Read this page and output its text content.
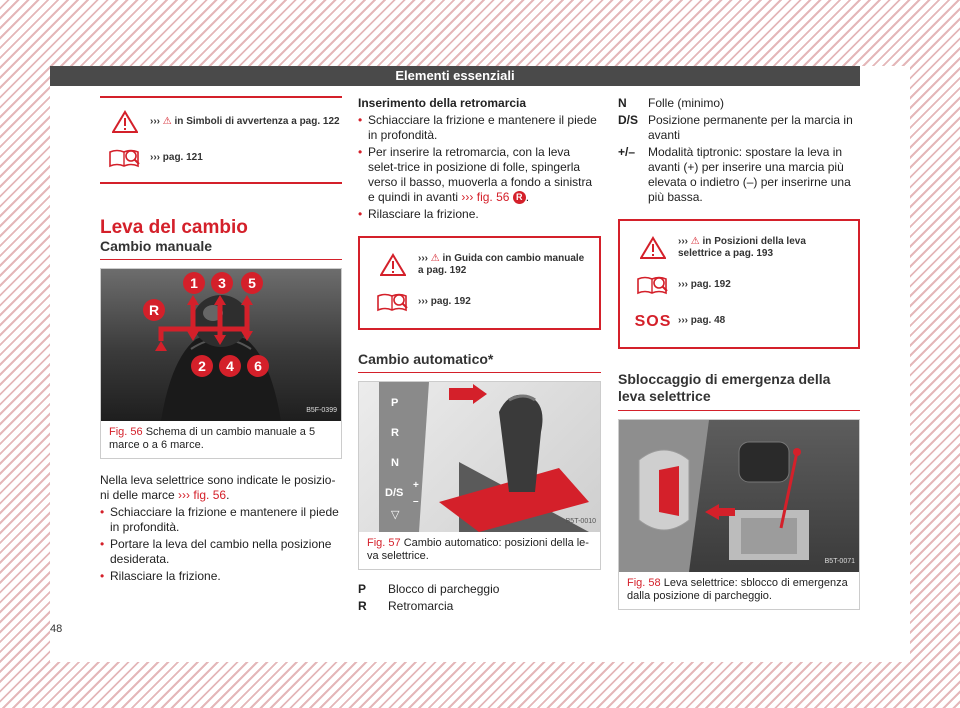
Elementi essenziali
››› ⚠ in Simboli di avvertenza a pag. 122
››› pag. 121
Leva del cambio
Cambio manuale
1	3	5
R
2	4	6
B5F-0399
Fig. 56 Schema di un cambio manuale a 5 marce o a 6 marce.

Nella leva selettrice sono indicate le posizio-ni delle marce ››› fig. 56.

• Schiacciare la frizione e mantenere il piede in profondità.

• Portare la leva del cambio nella posizione desiderata.

• Rilasciare la frizione.

Inserimento della retromarcia

• Schiacciare la frizione e mantenere il piede in profondità.

• Per inserire la retromarcia, con la leva selet-trice in posizione di folle, spingerla verso il basso, muoverla a fondo a sinistra e quindi in avanti ››› fig. 56 R .

• Rilasciare la frizione.

››› ⚠ in Guida con cambio manuale a pag. 192
››› pag. 192
Cambio automatico*
P
R
N
D/S
+
–
▽
B5T-0010
Fig. 57 Cambio automatico: posizioni della le-va selettrice.
P	Blocco di parcheggio
R	Retromarcia
N	Folle (minimo)
D/S Posizione permanente per la marcia in avanti
+/–	Modalità tiptronic: spostare la leva in avanti (+) per inserire una marcia più elevata o indietro (–) per inserirne una più bassa.
››› ⚠ in Posizioni della leva selettrice a pag. 193
››› pag. 192
SOS ››› pag. 48
Sbloccaggio di emergenza della leva selettrice
B5T-0071
Fig. 58 Leva selettrice: sblocco di emergenza dalla posizione di parcheggio.
48
